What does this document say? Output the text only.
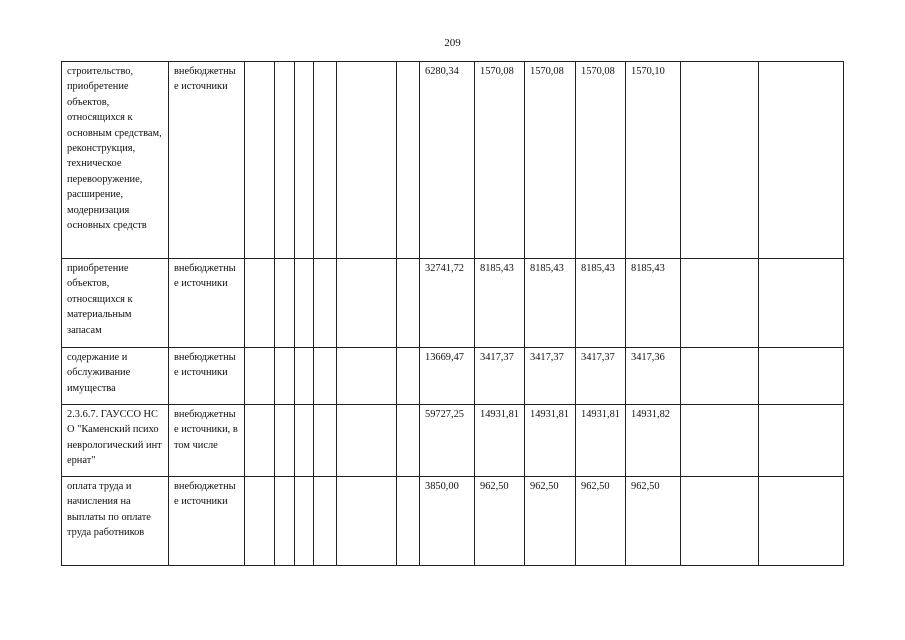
209
строительство, приобретение объектов, относящихся к основным средствам, реконструкция, техническое перевооружение, расширение, модернизация основных средств	внебюджетные источники							6280,34	1570,08	1570,08	1570,08	1570,10		
приобретение объектов, относящихся к материальным запасам	внебюджетные источники							32741,72	8185,43	8185,43	8185,43	8185,43		
содержание и обслуживание имущества	внебюджетные источники							13669,47	3417,37	3417,37	3417,37	3417,36		
2.3.6.7. ГАУССО НСО "Каменский психоневрологический интернат"	внебюджетные источники, в том числе							59727,25	14931,81	14931,81	14931,81	14931,82		
оплата труда и начисления на выплаты по оплате труда работников	внебюджетные источники							3850,00	962,50	962,50	962,50	962,50		
